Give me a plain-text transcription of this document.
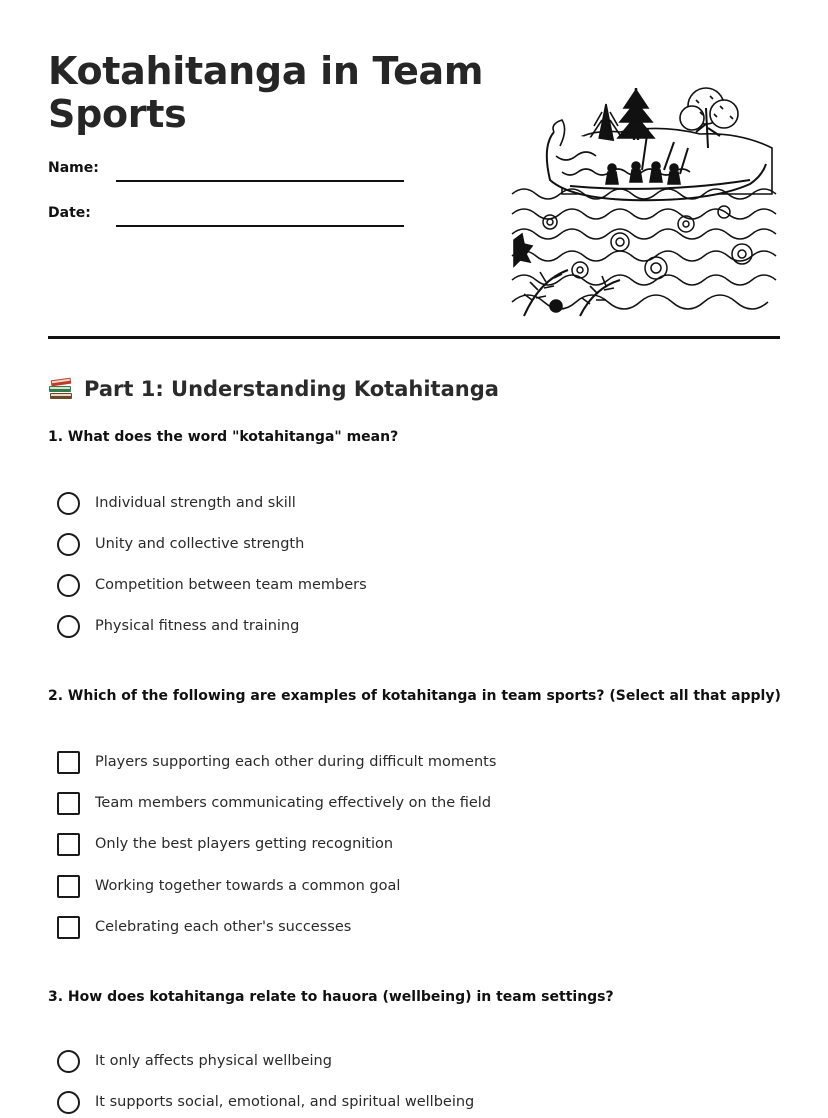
Kotahitanga in Team Sports
Name:
Date:
Part 1: Understanding Kotahitanga
1. What does the word "kotahitanga" mean?
Individual strength and skill
Unity and collective strength
Competition between team members
Physical fitness and training
2. Which of the following are examples of kotahitanga in team sports? (Select all that apply)
Players supporting each other during difficult moments
Team members communicating effectively on the field
Only the best players getting recognition
Working together towards a common goal
Celebrating each other's successes
3. How does kotahitanga relate to hauora (wellbeing) in team settings?
It only affects physical wellbeing
It supports social, emotional, and spiritual wellbeing
